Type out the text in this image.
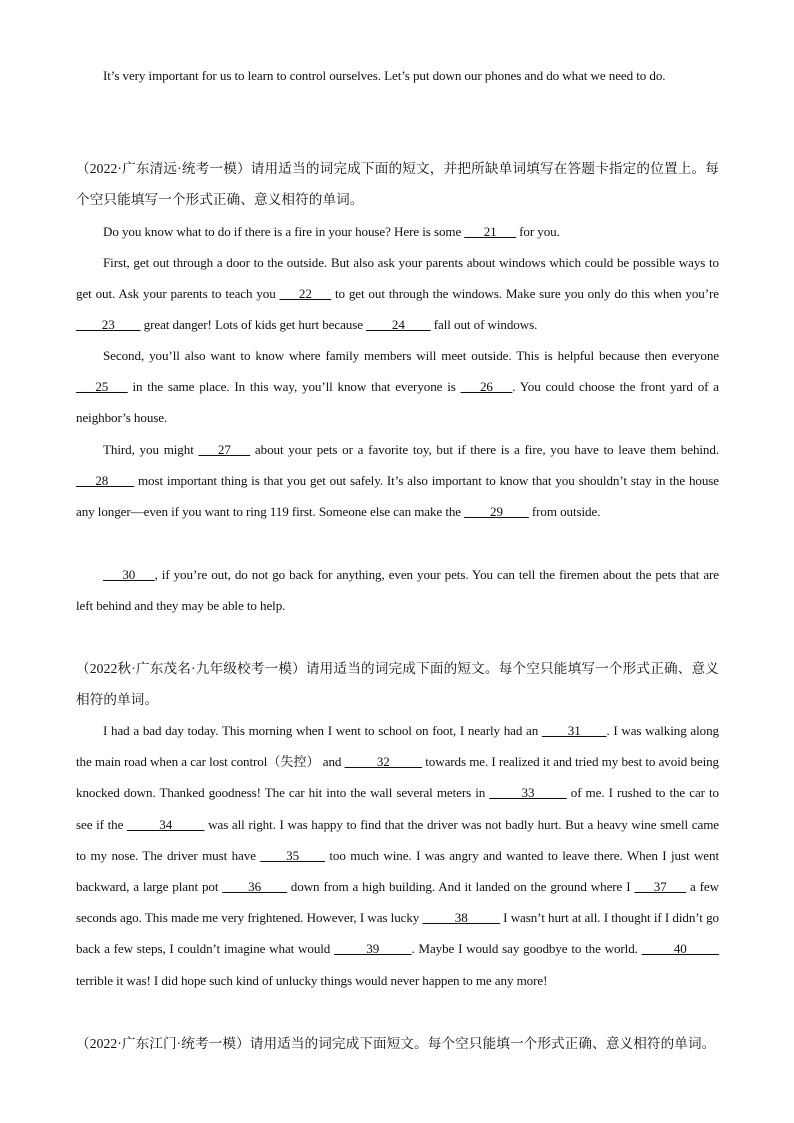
It’s very important for us to learn to control ourselves. Let’s put down our phones and do what we need to do.
（2022·广东清远·统考一模）请用适当的词完成下面的短文，并把所缺单词填写在答题卡指定的位置上。每个空只能填写一个形式正确、意义相符的单词。
Do you know what to do if there is a fire in your house? Here is some ___21___ for you.
First, get out through a door to the outside. But also ask your parents about windows which could be possible ways to get out. Ask your parents to teach you ___22___ to get out through the windows. Make sure you only do this when you’re ____23____ great danger! Lots of kids get hurt because ____24____ fall out of windows.
Second, you’ll also want to know where family members will meet outside. This is helpful because then everyone ___25___ in the same place. In this way, you’ll know that everyone is ___26___. You could choose the front yard of a neighbor’s house.
Third, you might ___27___ about your pets or a favorite toy, but if there is a fire, you have to leave them behind. ___28____ most important thing is that you get out safely. It’s also important to know that you shouldn’t stay in the house any longer—even if you want to ring 119 first. Someone else can make the ____29____ from outside.
___30___, if you’re out, do not go back for anything, even your pets. You can tell the firemen about the pets that are left behind and they may be able to help.
（2022秋·广东茂名·九年级校考一模）请用适当的词完成下面的短文。每个空只能填写一个形式正确、意义相符的单词。
I had a bad day today. This morning when I went to school on foot, I nearly had an ____31____. I was walking along the main road when a car lost control（失控） and _____32_____ towards me. I realized it and tried my best to avoid being knocked down. Thanked goodness! The car hit into the wall several meters in _____33_____ of me. I rushed to the car to see if the _____34_____ was all right. I was happy to find that the driver was not badly hurt. But a heavy wine smell came to my nose. The driver must have ____35____ too much wine. I was angry and wanted to leave there. When I just went backward, a large plant pot ____36____ down from a high building. And it landed on the ground where I ___37___ a few seconds ago. This made me very frightened. However, I was lucky _____38_____ I wasn’t hurt at all. I thought if I didn’t go back a few steps, I couldn’t imagine what would _____39_____. Maybe I would say goodbye to the world. _____40_____ terrible it was! I did hope such kind of unlucky things would never happen to me any more!
（2022·广东江门·统考一模）请用适当的词完成下面短文。每个空只能填一个形式正确、意义相符的单词。
